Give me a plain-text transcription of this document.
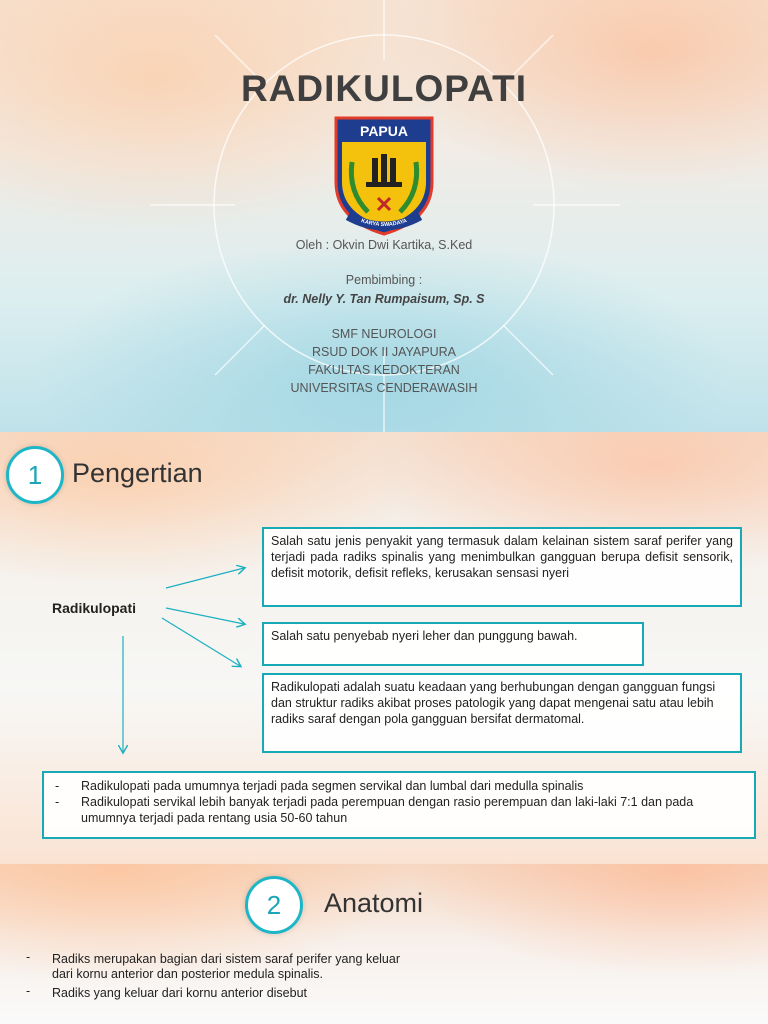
RADIKULOPATI
PAPUA
KARYA SWADAYA
Oleh : Okvin Dwi Kartika, S.Ked
Pembimbing :
dr. Nelly Y. Tan Rumpaisum, Sp. S
SMF NEUROLOGI
RSUD DOK II JAYAPURA
FAKULTAS KEDOKTERAN
UNIVERSITAS CENDERAWASIH
1	Pengertian
Radikulopati
Salah satu jenis penyakit yang termasuk dalam kelainan sistem saraf perifer yang terjadi pada radiks spinalis yang menimbulkan gangguan berupa defisit sensorik, defisit motorik, defisit refleks, kerusakan sensasi nyeri
Salah satu penyebab nyeri leher dan punggung bawah.
Radikulopati adalah suatu keadaan yang berhubungan dengan gangguan fungsi dan struktur radiks akibat proses patologik yang dapat mengenai satu atau lebih radiks saraf dengan pola gangguan bersifat dermatomal.
- Radikulopati pada umumnya terjadi pada segmen servikal dan lumbal dari medulla spinalis
- Radikulopati servikal lebih banyak terjadi pada perempuan dengan rasio perempuan dan laki-laki 7:1 dan pada umumnya terjadi pada rentang usia 50-60 tahun
2	Anatomi
- Radiks merupakan bagian dari sistem saraf perifer yang keluar dari kornu anterior dan posterior medula spinalis.
- Radiks yang keluar dari kornu anterior disebut
